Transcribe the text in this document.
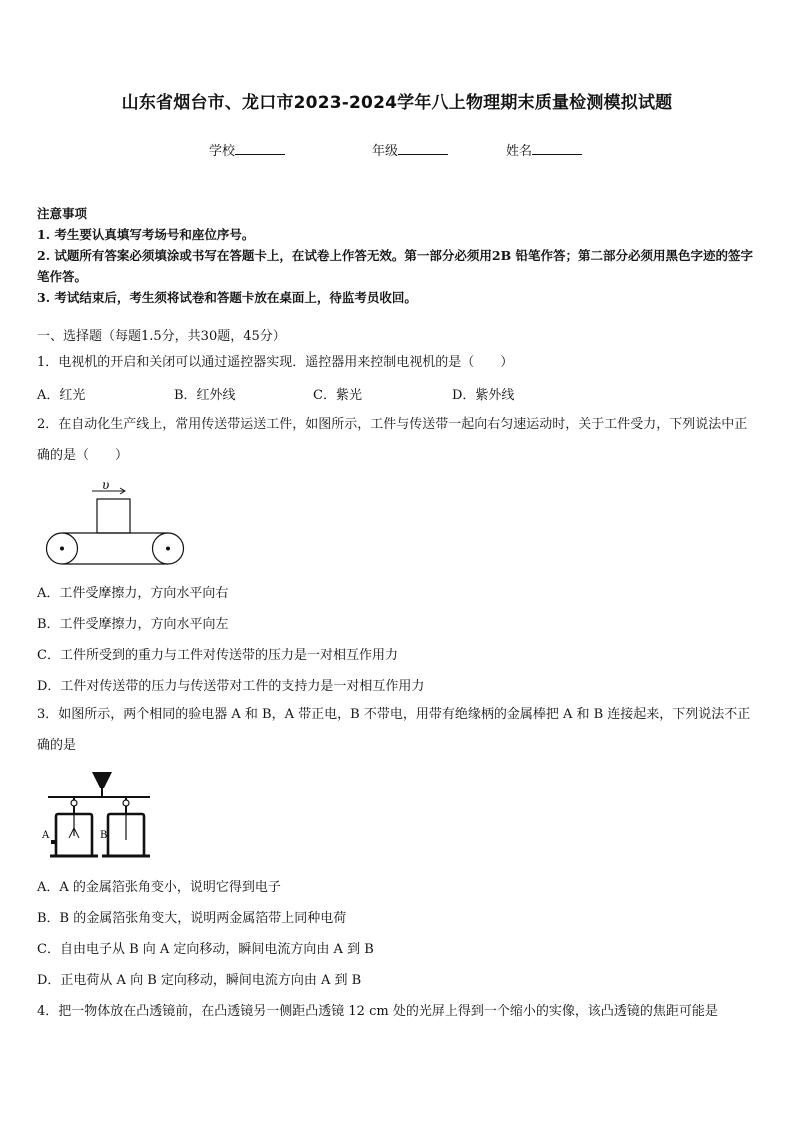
山东省烟台市、龙口市2023-2024学年八上物理期末质量检测模拟试题
学校	年级	姓名

注意事项

1. 考生要认真填写考场号和座位序号。

2. 试题所有答案必须填涂或书写在答题卡上，在试卷上作答无效。第一部分必须用2B 铅笔作答；第二部分必须用黑色字迹的签字笔作答。

3. 考试结束后，考生须将试卷和答题卡放在桌面上，待监考员收回。

一、选择题（每题1.5分，共30题，45分）
1．电视机的开启和关闭可以通过遥控器实现．遥控器用来控制电视机的是（　　）
A．红光	B．红外线	C．紫光	D．紫外线
2．在自动化生产线上，常用传送带运送工件，如图所示，工件与传送带一起向右匀速运动时，关于工件受力，下列说法中正确的是（　　）
υ
A．工件受摩擦力，方向水平向右
B．工件受摩擦力，方向水平向左
C．工件所受到的重力与工件对传送带的压力是一对相互作用力
D．工件对传送带的压力与传送带对工件的支持力是一对相互作用力
3．如图所示，两个相同的验电器 A 和 B，A 带正电，B 不带电，用带有绝缘柄的金属棒把 A 和 B 连接起来，下列说法不正确的是
A	B
A．A 的金属箔张角变小，说明它得到电子
B．B 的金属箔张角变大，说明两金属箔带上同种电荷
C．自由电子从 B 向 A 定向移动，瞬间电流方向由 A 到 B
D．正电荷从 A 向 B 定向移动，瞬间电流方向由 A 到 B
4．把一物体放在凸透镜前，在凸透镜另一侧距凸透镜 12 cm 处的光屏上得到一个缩小的实像，该凸透镜的焦距可能是
